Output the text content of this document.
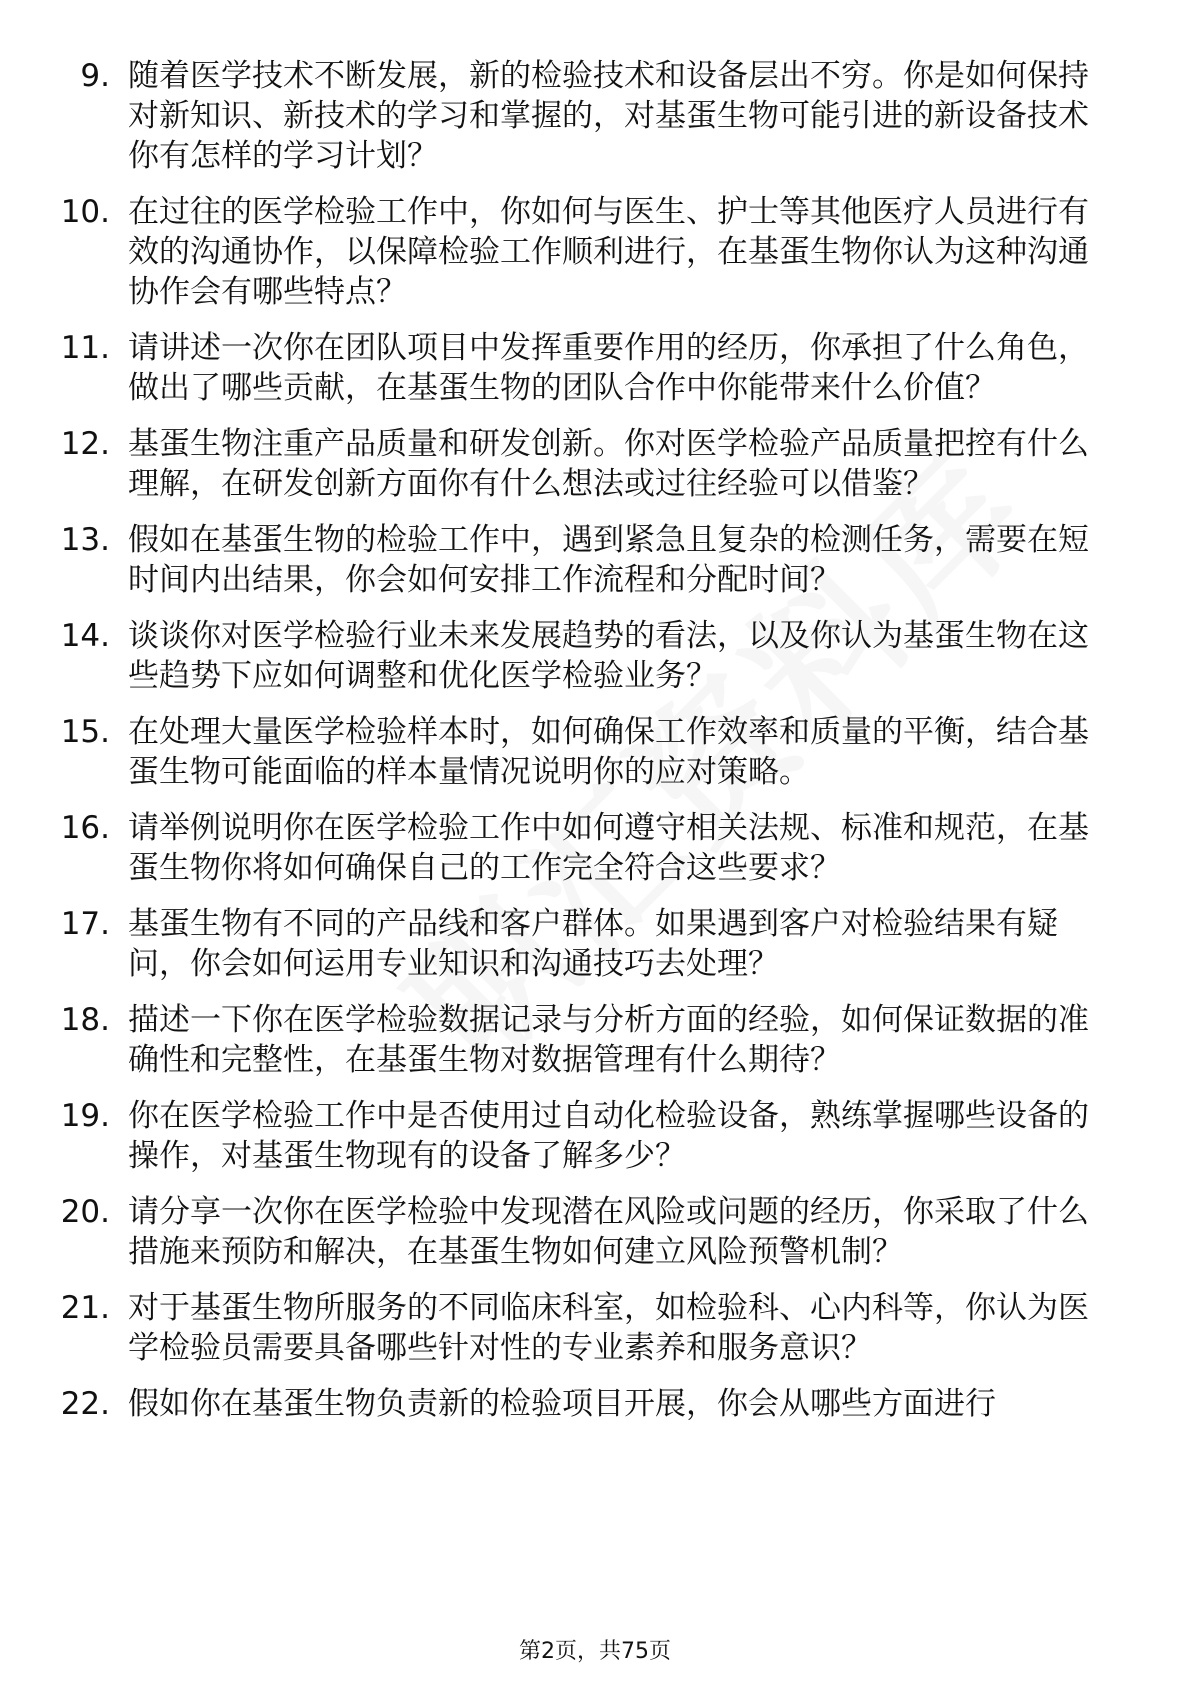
9. 随着医学技术不断发展，新的检验技术和设备层出不穷。你是如何保持对新知识、新技术的学习和掌握的，对基蛋生物可能引进的新设备技术你有怎样的学习计划？
10. 在过往的医学检验工作中，你如何与医生、护士等其他医疗人员进行有效的沟通协作，以保障检验工作顺利进行，在基蛋生物你认为这种沟通协作会有哪些特点？
11. 请讲述一次你在团队项目中发挥重要作用的经历，你承担了什么角色，做出了哪些贡献，在基蛋生物的团队合作中你能带来什么价值？
12. 基蛋生物注重产品质量和研发创新。你对医学检验产品质量把控有什么理解，在研发创新方面你有什么想法或过往经验可以借鉴？
13. 假如在基蛋生物的检验工作中，遇到紧急且复杂的检测任务，需要在短时间内出结果，你会如何安排工作流程和分配时间？
14. 谈谈你对医学检验行业未来发展趋势的看法，以及你认为基蛋生物在这些趋势下应如何调整和优化医学检验业务？
15. 在处理大量医学检验样本时，如何确保工作效率和质量的平衡，结合基蛋生物可能面临的样本量情况说明你的应对策略。
16. 请举例说明你在医学检验工作中如何遵守相关法规、标准和规范，在基蛋生物你将如何确保自己的工作完全符合这些要求？
17. 基蛋生物有不同的产品线和客户群体。如果遇到客户对检验结果有疑问，你会如何运用专业知识和沟通技巧去处理？
18. 描述一下你在医学检验数据记录与分析方面的经验，如何保证数据的准确性和完整性，在基蛋生物对数据管理有什么期待？
19. 你在医学检验工作中是否使用过自动化检验设备，熟练掌握哪些设备的操作，对基蛋生物现有的设备了解多少？
20. 请分享一次你在医学检验中发现潜在风险或问题的经历，你采取了什么措施来预防和解决，在基蛋生物如何建立风险预警机制？
21. 对于基蛋生物所服务的不同临床科室，如检验科、心内科等，你认为医学检验员需要具备哪些针对性的专业素养和服务意识？
22. 假如你在基蛋生物负责新的检验项目开展，你会从哪些方面进行
第2页，共75页
